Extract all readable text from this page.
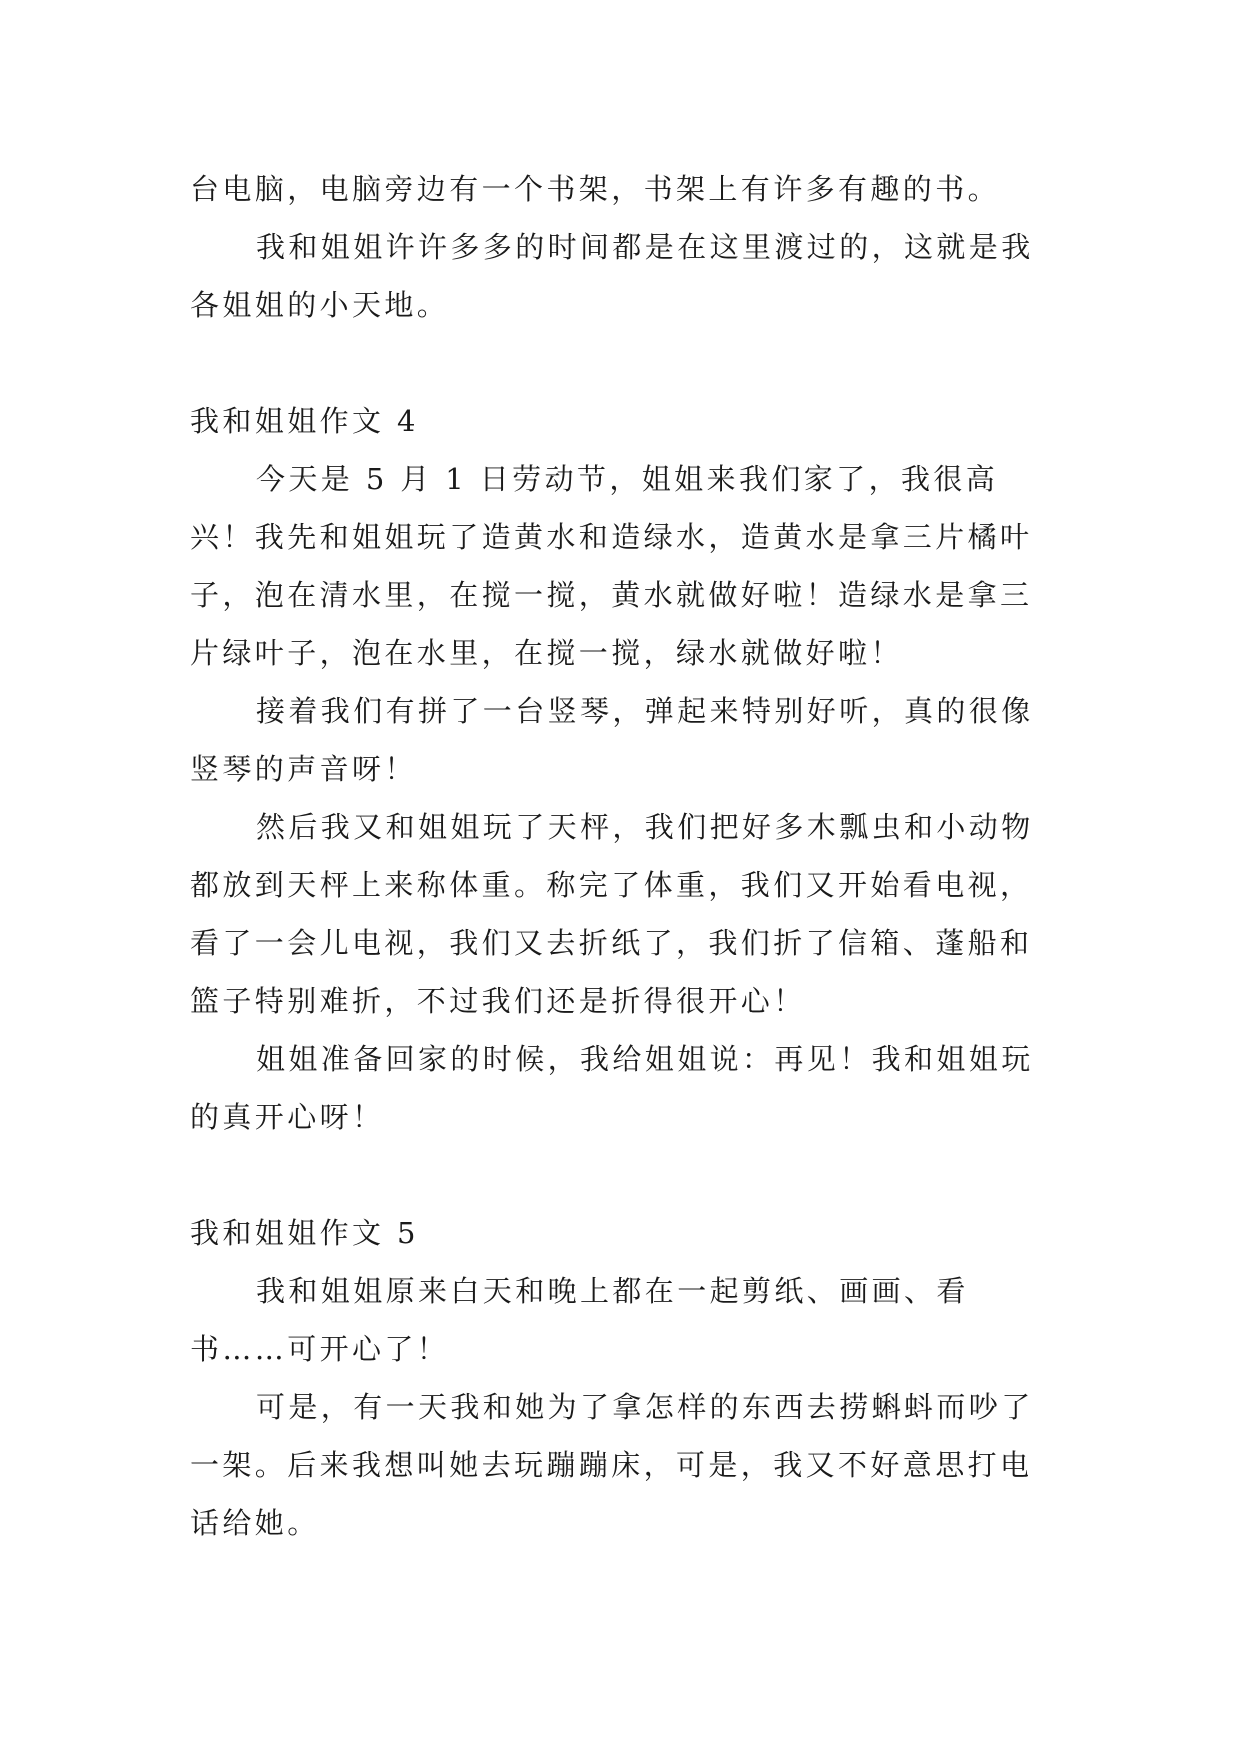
台电脑，电脑旁边有一个书架，书架上有许多有趣的书。

我和姐姐许许多多的时间都是在这里渡过的，这就是我各姐姐的小天地。

我和姐姐作文 4

今天是 5 月 1 日劳动节，姐姐来我们家了，我很高兴！我先和姐姐玩了造黄水和造绿水，造黄水是拿三片橘叶子，泡在清水里，在搅一搅，黄水就做好啦！造绿水是拿三片绿叶子，泡在水里，在搅一搅，绿水就做好啦！

接着我们有拼了一台竖琴，弹起来特别好听，真的很像竖琴的声音呀！

然后我又和姐姐玩了天枰，我们把好多木瓢虫和小动物都放到天枰上来称体重。称完了体重，我们又开始看电视，看了一会儿电视，我们又去折纸了，我们折了信箱、蓬船和篮子特别难折，不过我们还是折得很开心！

姐姐准备回家的时候，我给姐姐说：再见！我和姐姐玩的真开心呀！

我和姐姐作文 5

我和姐姐原来白天和晚上都在一起剪纸、画画、看书……可开心了！

可是，有一天我和她为了拿怎样的东西去捞蝌蚪而吵了一架。后来我想叫她去玩蹦蹦床，可是，我又不好意思打电话给她。
